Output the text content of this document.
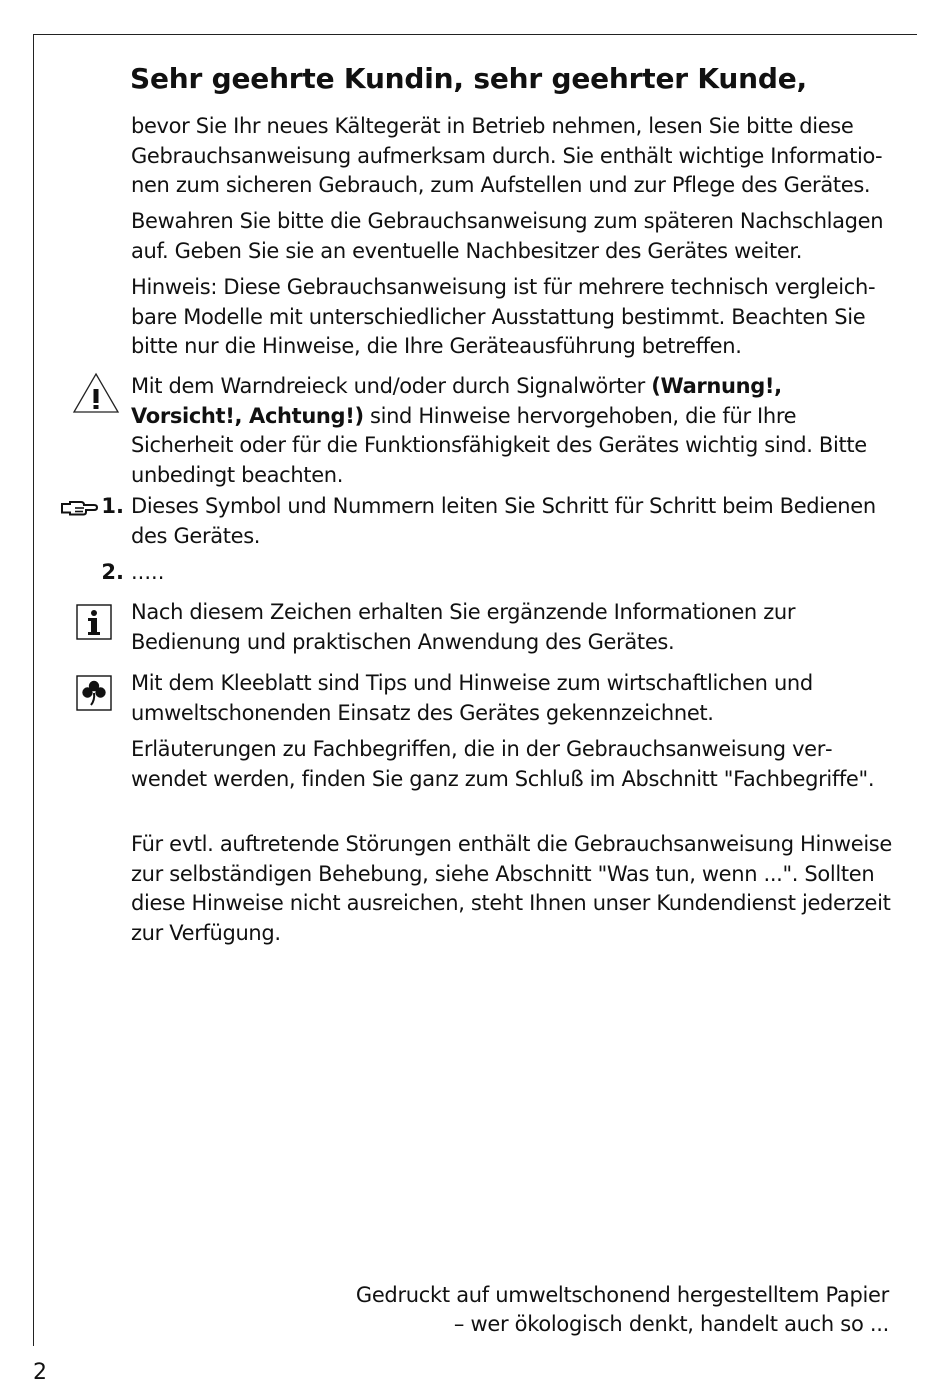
Sehr geehrte Kundin, sehr geehrter Kunde,

bevor Sie Ihr neues Kältegerät in Betrieb nehmen, lesen Sie bitte diese Gebrauchsanweisung aufmerksam durch. Sie enthält wichtige Informationen zum sicheren Gebrauch, zum Aufstellen und zur Pflege des Gerätes.

Bewahren Sie bitte die Gebrauchsanweisung zum späteren Nachschlagen auf. Geben Sie sie an eventuelle Nachbesitzer des Gerätes weiter.

Hinweis: Diese Gebrauchsanweisung ist für mehrere technisch vergleichbare Modelle mit unterschiedlicher Ausstattung bestimmt. Beachten Sie bitte nur die Hinweise, die Ihre Geräteausführung betreffen.

Mit dem Warndreieck und/oder durch Signalwörter (Warnung!, Vorsicht!, Achtung!) sind Hinweise hervorgehoben, die für Ihre Sicherheit oder für die Funktionsfähigkeit des Gerätes wichtig sind. Bitte unbedingt beachten.

1. Dieses Symbol und Nummern leiten Sie Schritt für Schritt beim Bedienen des Gerätes.

2. .....

Nach diesem Zeichen erhalten Sie ergänzende Informationen zur Bedienung und praktischen Anwendung des Gerätes.

Mit dem Kleeblatt sind Tips und Hinweise zum wirtschaftlichen und umweltschonenden Einsatz des Gerätes gekennzeichnet.

Erläuterungen zu Fachbegriffen, die in der Gebrauchsanweisung verwendet werden, finden Sie ganz zum Schluß im Abschnitt "Fachbegriffe".

Für evtl. auftretende Störungen enthält die Gebrauchsanweisung Hinweise zur selbständigen Behebung, siehe Abschnitt "Was tun, wenn ...". Sollten diese Hinweise nicht ausreichen, steht Ihnen unser Kundendienst jederzeit zur Verfügung.

Gedruckt auf umweltschonend hergestelltem Papier

– wer ökologisch denkt, handelt auch so ...

2
